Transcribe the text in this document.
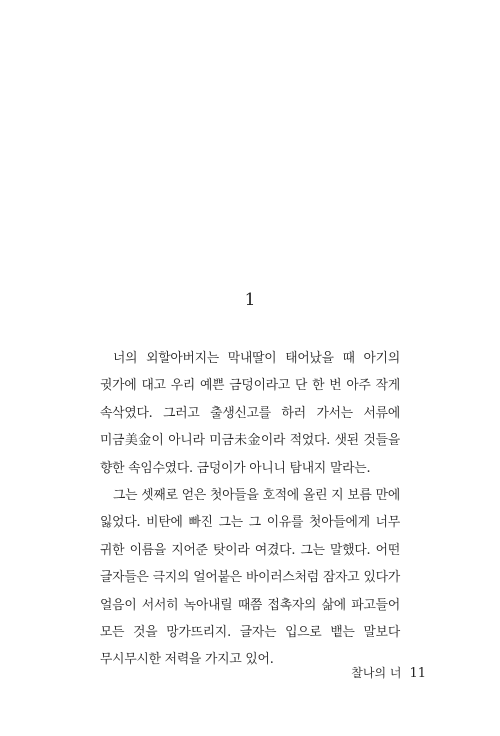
1

너의 외할아버지는 막내딸이 태어났을 때 아기의 귓가에 대고 우리 예쁜 금덩이라고 단 한 번 아주 작게 속삭였다. 그러고 출생신고를 하러 가서는 서류에 미금美金이 아니라 미금未金이라 적었다. 샛된 것들을 향한 속임수였다. 금덩이가 아니니 탐내지 말라는.

그는 셋째로 얻은 첫아들을 호적에 올린 지 보름 만에 잃었다. 비탄에 빠진 그는 그 이유를 첫아들에게 너무 귀한 이름을 지어준 탓이라 여겼다. 그는 말했다. 어떤 글자들은 극지의 얼어붙은 바이러스처럼 잠자고 있다가 얼음이 서서히 녹아내릴 때쯤 접촉자의 삶에 파고들어 모든 것을 망가뜨리지. 글자는 입으로 뱉는 말보다 무시무시한 저력을 가지고 있어.

찰나의 너 11
